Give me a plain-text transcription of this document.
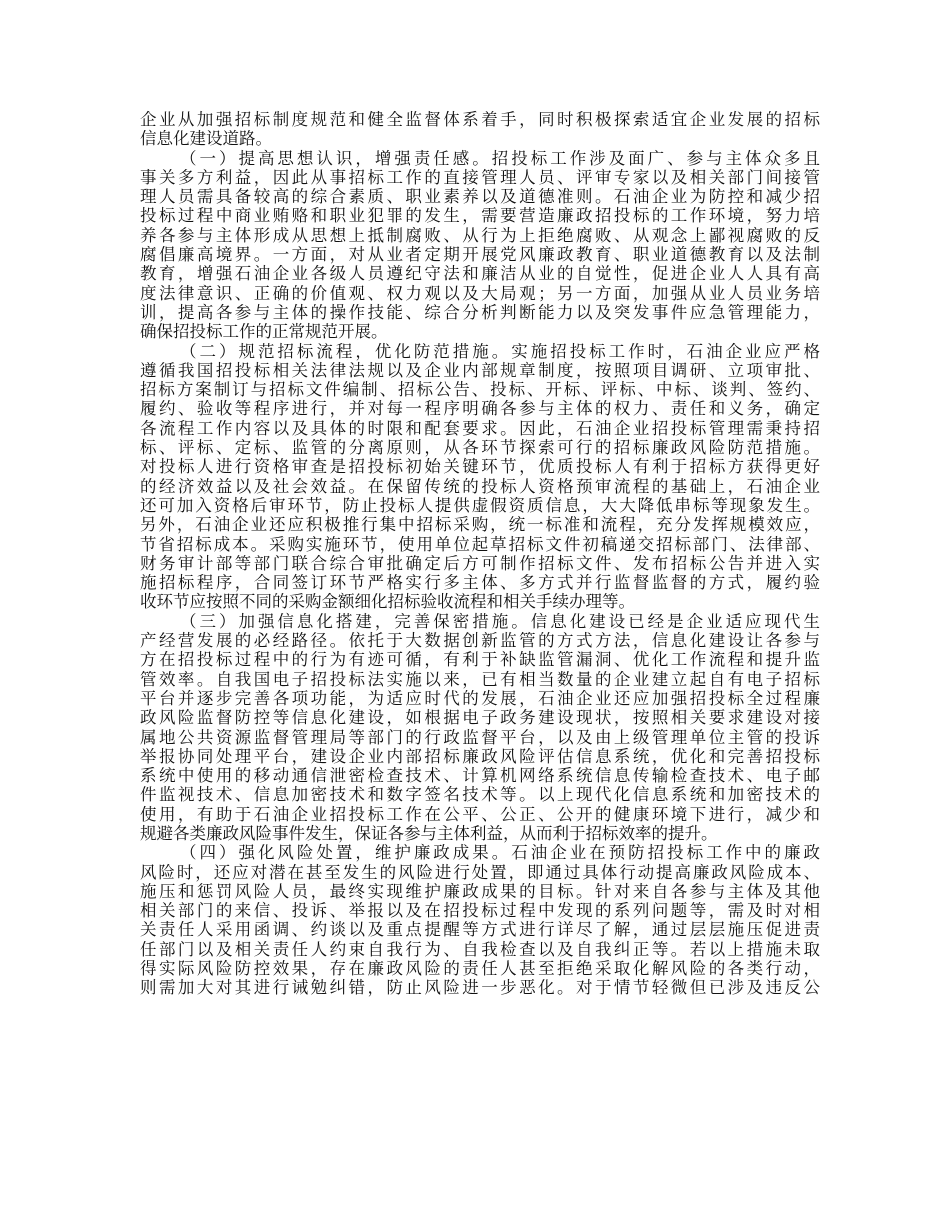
企业从加强招标制度规范和健全监督体系着手，同时积极探索适宜企业发展的招标
信息化建设道路。
（一）提高思想认识，增强责任感。招投标工作涉及面广、参与主体众多且
事关多方利益，因此从事招标工作的直接管理人员、评审专家以及相关部门间接管
理人员需具备较高的综合素质、职业素养以及道德准则。石油企业为防控和减少招
投标过程中商业贿赂和职业犯罪的发生，需要营造廉政招投标的工作环境，努力培
养各参与主体形成从思想上抵制腐败、从行为上拒绝腐败、从观念上鄙视腐败的反
腐倡廉高境界。一方面，对从业者定期开展党风廉政教育、职业道德教育以及法制
教育，增强石油企业各级人员遵纪守法和廉洁从业的自觉性，促进企业人人具有高
度法律意识、正确的价值观、权力观以及大局观；另一方面，加强从业人员业务培
训，提高各参与主体的操作技能、综合分析判断能力以及突发事件应急管理能力，
确保招投标工作的正常规范开展。
（二）规范招标流程，优化防范措施。实施招投标工作时，石油企业应严格
遵循我国招投标相关法律法规以及企业内部规章制度，按照项目调研、立项审批、
招标方案制订与招标文件编制、招标公告、投标、开标、评标、中标、谈判、签约、
履约、验收等程序进行，并对每一程序明确各参与主体的权力、责任和义务，确定
各流程工作内容以及具体的时限和配套要求。因此，石油企业招投标管理需秉持招
标、评标、定标、监管的分离原则，从各环节探索可行的招标廉政风险防范措施。
对投标人进行资格审查是招投标初始关键环节，优质投标人有利于招标方获得更好
的经济效益以及社会效益。在保留传统的投标人资格预审流程的基础上，石油企业
还可加入资格后审环节，防止投标人提供虚假资质信息，大大降低串标等现象发生。
另外，石油企业还应积极推行集中招标采购，统一标准和流程，充分发挥规模效应，
节省招标成本。采购实施环节，使用单位起草招标文件初稿递交招标部门、法律部、
财务审计部等部门联合综合审批确定后方可制作招标文件、发布招标公告并进入实
施招标程序，合同签订环节严格实行多主体、多方式并行监督监督的方式，履约验
收环节应按照不同的采购金额细化招标验收流程和相关手续办理等。
（三）加强信息化搭建，完善保密措施。信息化建设已经是企业适应现代生
产经营发展的必经路径。依托于大数据创新监管的方式方法，信息化建设让各参与
方在招投标过程中的行为有迹可循，有利于补缺监管漏洞、优化工作流程和提升监
管效率。自我国电子招投标法实施以来，已有相当数量的企业建立起自有电子招标
平台并逐步完善各项功能，为适应时代的发展，石油企业还应加强招投标全过程廉
政风险监督防控等信息化建设，如根据电子政务建设现状，按照相关要求建设对接
属地公共资源监督管理局等部门的行政监督平台，以及由上级管理单位主管的投诉
举报协同处理平台，建设企业内部招标廉政风险评估信息系统，优化和完善招投标
系统中使用的移动通信泄密检查技术、计算机网络系统信息传输检查技术、电子邮
件监视技术、信息加密技术和数字签名技术等。以上现代化信息系统和加密技术的
使用，有助于石油企业招投标工作在公平、公正、公开的健康环境下进行，减少和
规避各类廉政风险事件发生，保证各参与主体利益，从而利于招标效率的提升。
（四）强化风险处置，维护廉政成果。石油企业在预防招投标工作中的廉政
风险时，还应对潜在甚至发生的风险进行处置，即通过具体行动提高廉政风险成本、
施压和惩罚风险人员，最终实现维护廉政成果的目标。针对来自各参与主体及其他
相关部门的来信、投诉、举报以及在招投标过程中发现的系列问题等，需及时对相
关责任人采用函调、约谈以及重点提醒等方式进行详尽了解，通过层层施压促进责
任部门以及相关责任人约束自我行为、自我检查以及自我纠正等。若以上措施未取
得实际风险防控效果，存在廉政风险的责任人甚至拒绝采取化解风险的各类行动，
则需加大对其进行诫勉纠错，防止风险进一步恶化。对于情节轻微但已涉及违反公
